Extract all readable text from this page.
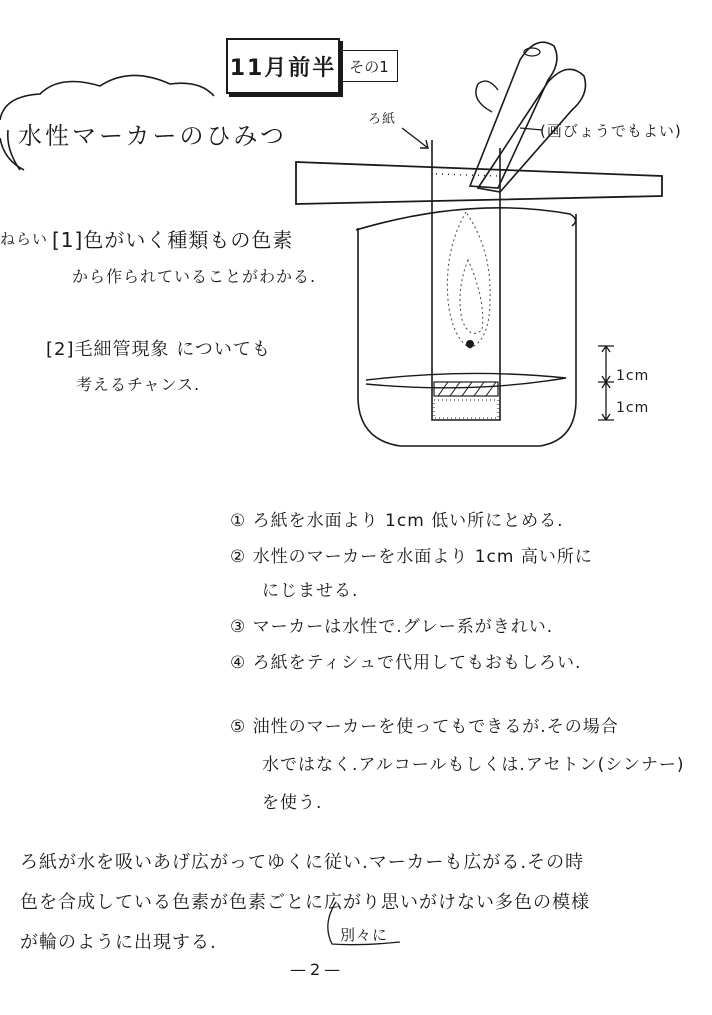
11月前半 その1
水性マーカーのひみつ
ねらい [1]色がいく種類もの色素
から作られていることがわかる.
[2]毛細管現象 についても
考えるチャンス.
ろ紙
(画びょうでもよい)
1cm
1cm
① ろ紙を水面より 1cm 低い所にとめる.
② 水性のマーカーを水面より 1cm 高い所に
にじませる.
③ マーカーは水性で.グレー系がきれい.
④ ろ紙をティシュで代用してもおもしろい.
⑤ 油性のマーカーを使ってもできるが.その場合
水ではなく.アルコールもしくは.アセトン(シンナー)
を使う.
ろ紙が水を吸いあげ広がってゆくに従い.マーカーも広がる.その時
色を合成している色素が色素ごとに広がり思いがけない多色の模様
が輪のように出現する.	別々に
—2—
